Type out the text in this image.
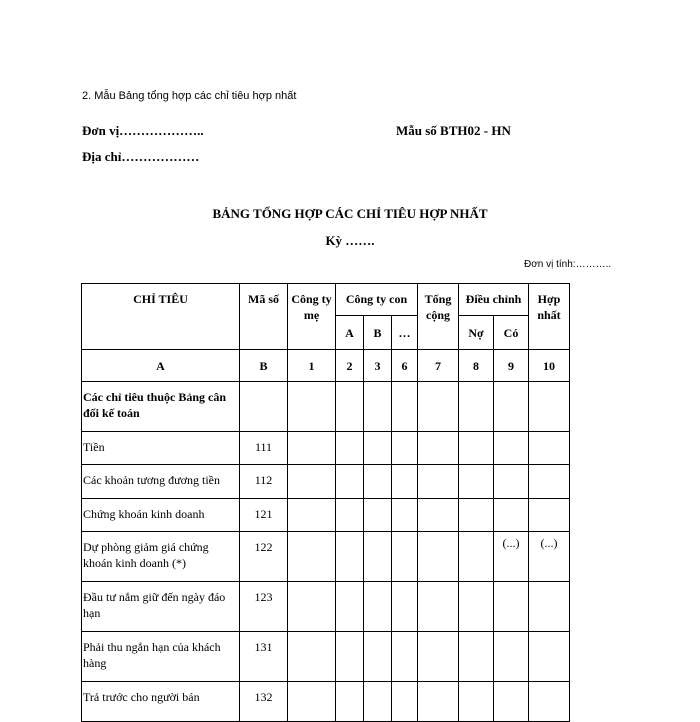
2. Mẫu Bảng tổng hợp các chỉ tiêu hợp nhất
Đơn vị………………..	Mẫu số BTH02 - HN
Địa chỉ………………
BẢNG TỔNG HỢP CÁC CHỈ TIÊU HỢP NHẤT
Kỳ …….
Đơn vị tính:………..
CHỈ TIÊU	Mã số	Công ty mẹ	Công ty con			Tổng cộng	Điều chỉnh		Hợp nhất
			A	B	…		Nợ	Có	
A	B	1	2	3	6	7	8	9	10
Các chỉ tiêu thuộc Bảng cân đối kế toán									
Tiền	111								
Các khoản tương đương tiền	112								
Chứng khoán kinh doanh	121								
Dự phòng giảm giá chứng khoán kinh doanh (*)	122							(...)	(...)
Đầu tư nắm giữ đến ngày đáo hạn	123								
Phải thu ngắn hạn của khách hàng	131								
Trả trước cho người bán	132								
